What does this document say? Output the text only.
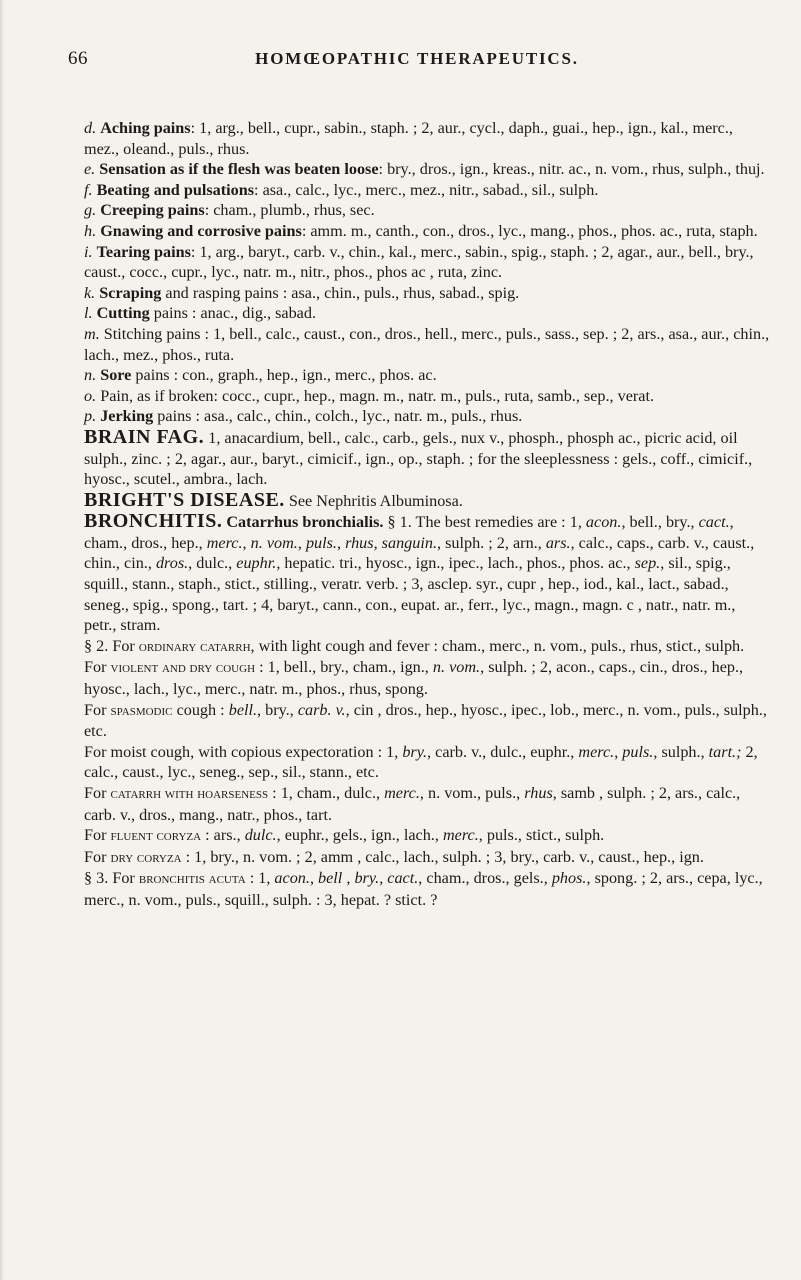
66	HOMŒOPATHIC THERAPEUTICS.

d. Aching pains: 1, arg., bell., cupr., sabin., staph. ; 2, aur., cycl., daph., guai., hep., ign., kal., merc., mez., oleand., puls., rhus.

e. Sensation as if the flesh was beaten loose: bry., dros., ign., kreas., nitr. ac., n. vom., rhus, sulph., thuj.

f. Beating and pulsations: asa., calc., lyc., merc., mez., nitr., sabad., sil., sulph.

g. Creeping pains: cham., plumb., rhus, sec.

h. Gnawing and corrosive pains: amm. m., canth., con., dros., lyc., mang., phos., phos. ac., ruta, staph.

i. Tearing pains: 1, arg., baryt., carb. v., chin., kal., merc., sabin., spig., staph. ; 2, agar., aur., bell., bry., caust., cocc., cupr., lyc., natr. m., nitr., phos., phos ac , ruta, zinc.

k. Scraping and rasping pains : asa., chin., puls., rhus, sabad., spig.

l. Cutting pains : anac., dig., sabad.

m. Stitching pains : 1, bell., calc., caust., con., dros., hell., merc., puls., sass., sep. ; 2, ars., asa., aur., chin., lach., mez., phos., ruta.

n. Sore pains : con., graph., hep., ign., merc., phos. ac.

o. Pain, as if broken: cocc., cupr., hep., magn. m., natr. m., puls., ruta, samb., sep., verat.

p. Jerking pains : asa., calc., chin., colch., lyc., natr. m., puls., rhus.

BRAIN FAG. 1, anacardium, bell., calc., carb., gels., nux v., phosph., phosph ac., picric acid, oil sulph., zinc. ; 2, agar., aur., baryt., cimicif., ign., op., staph. ; for the sleeplessness : gels., coff., cimicif., hyosc., scutel., ambra., lach.

BRIGHT'S DISEASE. See Nephritis Albuminosa.

BRONCHITIS. Catarrhus bronchialis. § 1. The best remedies are : 1, acon., bell., bry., cact., cham., dros., hep., merc., n. vom., puls., rhus, sanguin., sulph. ; 2, arn., ars., calc., caps., carb. v., caust., chin., cin., dros., dulc., euphr., hepatic. tri., hyosc., ign., ipec., lach., phos., phos. ac., sep., sil., spig., squill., stann., staph., stict., stilling., veratr. verb. ; 3, asclep. syr., cupr , hep., iod., kal., lact., sabad., seneg., spig., spong., tart. ; 4, baryt., cann., con., eupat. ar., ferr., lyc., magn., magn. c , natr., natr. m., petr., stram.

§ 2. For ordinary catarrh, with light cough and fever : cham., merc., n. vom., puls., rhus, stict., sulph.

For violent and dry cough : 1, bell., bry., cham., ign., n. vom., sulph. ; 2, acon., caps., cin., dros., hep., hyosc., lach., lyc., merc., natr. m., phos., rhus, spong.

For spasmodic cough : bell., bry., carb. v., cin , dros., hep., hyosc., ipec., lob., merc., n. vom., puls., sulph., etc.

For moist cough, with copious expectoration : 1, bry., carb. v., dulc., euphr., merc., puls., sulph., tart.; 2, calc., caust., lyc., seneg., sep., sil., stann., etc.

For catarrh with hoarseness : 1, cham., dulc., merc., n. vom., puls., rhus, samb , sulph. ; 2, ars., calc., carb. v., dros., mang., natr., phos., tart.

For fluent coryza : ars., dulc., euphr., gels., ign., lach., merc., puls., stict., sulph.

For dry coryza : 1, bry., n. vom. ; 2, amm , calc., lach., sulph. ; 3, bry., carb. v., caust., hep., ign.

§ 3. For bronchitis acuta : 1, acon., bell , bry., cact., cham., dros., gels., phos., spong. ; 2, ars., cepa, lyc., merc., n. vom., puls., squill., sulph. : 3, hepat. ? stict. ?
